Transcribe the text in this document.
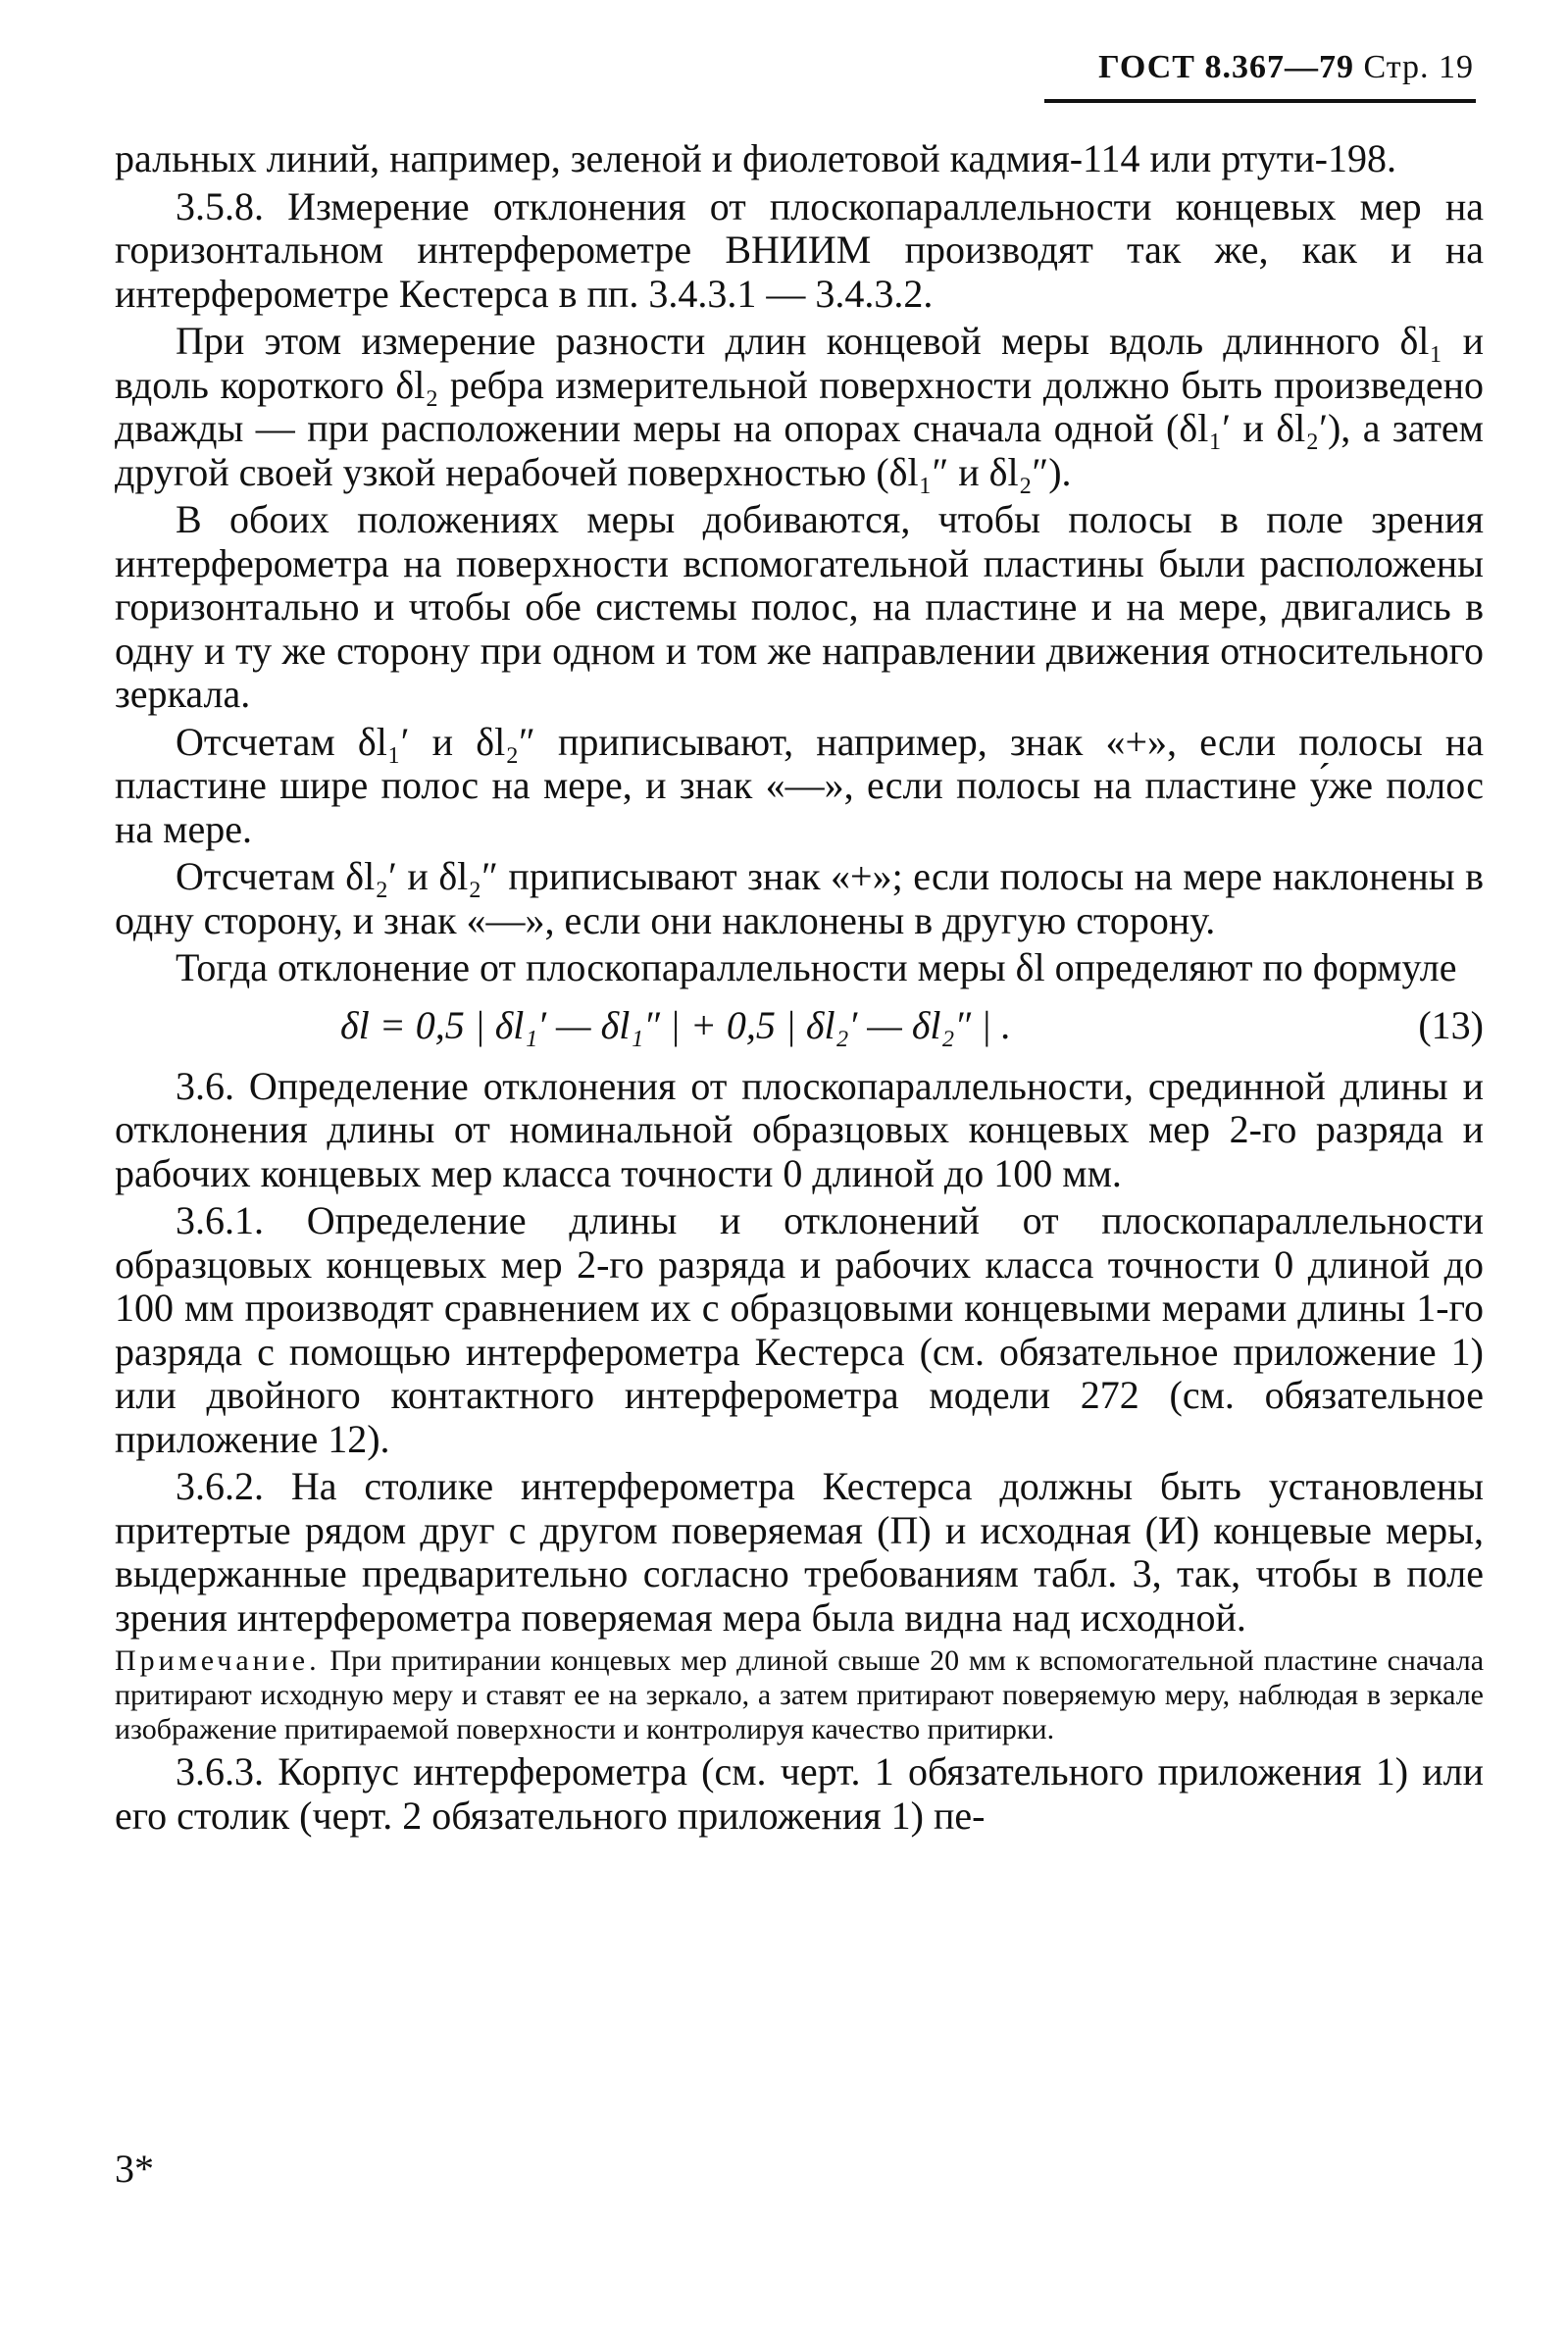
ГОСТ 8.367—79 Стр. 19

ральных линий, например, зеленой и фиолетовой кадмия-114 или ртути-198.

3.5.8. Измерение отклонения от плоскопараллельности концевых мер на горизонтальном интерферометре ВНИИМ производят так же, как и на интерферометре Кестерса в пп. 3.4.3.1 — 3.4.3.2.

При этом измерение разности длин концевой меры вдоль длинного δl₁ и вдоль короткого δl₂ ребра измерительной поверхности должно быть произведено дважды — при расположении меры на опорах сначала одной (δl₁′ и δl₂′), а затем другой своей узкой нерабочей поверхностью (δl₁″ и δl₂″).

В обоих положениях меры добиваются, чтобы полосы в поле зрения интерферометра на поверхности вспомогательной пластины были расположены горизонтально и чтобы обе системы полос, на пластине и на мере, двигались в одну и ту же сторону при одном и том же направлении движения относительного зеркала.

Отсчетам δl₁′ и δl₂″ приписывают, например, знак «+», если полосы на пластине шире полос на мере, и знак «—», если полосы на пластине у́же полос на мере.

Отсчетам δl₂′ и δl₂″ приписывают знак «+»; если полосы на мере наклонены в одну сторону, и знак «—», если они наклонены в другую сторону.

Тогда отклонение от плоскопараллельности меры δl определяют по формуле

δl = 0,5 | δl₁′ — δl₁″ | + 0,5 | δl₂′ — δl₂″ | .	(13)

3.6. Определение отклонения от плоскопараллельности, срединной длины и отклонения длины от номинальной образцовых концевых мер 2-го разряда и рабочих концевых мер класса точности 0 длиной до 100 мм.

3.6.1. Определение длины и отклонений от плоскопараллельности образцовых концевых мер 2-го разряда и рабочих класса точности 0 длиной до 100 мм производят сравнением их с образцовыми концевыми мерами длины 1-го разряда с помощью интерферометра Кестерса (см. обязательное приложение 1) или двойного контактного интерферометра модели 272 (см. обязательное приложение 12).

3.6.2. На столике интерферометра Кестерса должны быть установлены притертые рядом друг с другом поверяемая (П) и исходная (И) концевые меры, выдержанные предварительно согласно требованиям табл. 3, так, чтобы в поле зрения интерферометра поверяемая мера была видна над исходной.

Примечание. При притирании концевых мер длиной свыше 20 мм к вспомогательной пластине сначала притирают исходную меру и ставят ее на зеркало, а затем притирают поверяемую меру, наблюдая в зеркале изображение притираемой поверхности и контролируя качество притирки.

3.6.3. Корпус интерферометра (см. черт. 1 обязательного приложения 1) или его столик (черт. 2 обязательного приложения 1) пе-

3*
